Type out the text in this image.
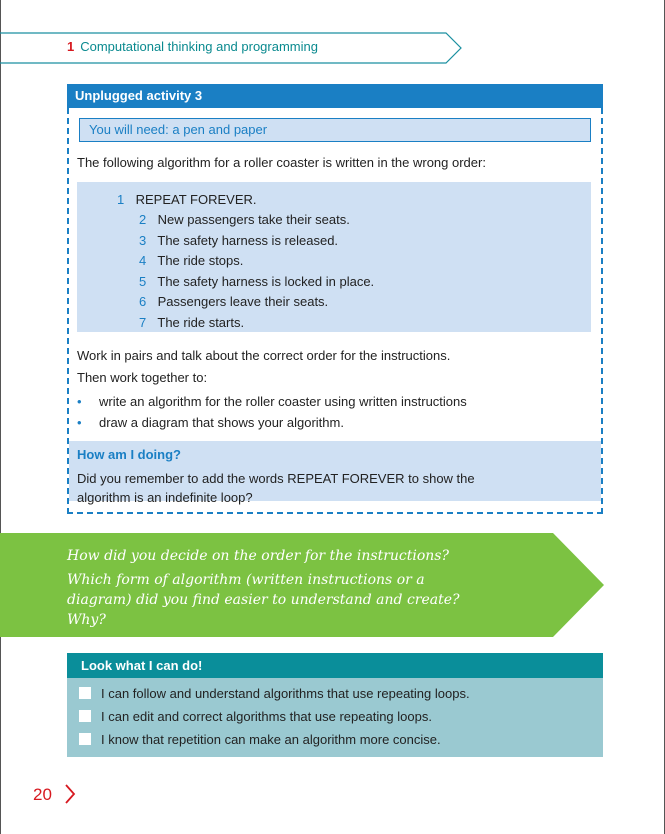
1 Computational thinking and programming
Unplugged activity 3
You will need: a pen and paper
The following algorithm for a roller coaster is written in the wrong order:
1 REPEAT FOREVER.
2 New passengers take their seats.
3 The safety harness is released.
4 The ride stops.
5 The safety harness is locked in place.
6 Passengers leave their seats.
7 The ride starts.
Work in pairs and talk about the correct order for the instructions.
Then work together to:
• write an algorithm for the roller coaster using written instructions
• draw a diagram that shows your algorithm.
How am I doing?
Did you remember to add the words REPEAT FOREVER to show the algorithm is an indefinite loop?
How did you decide on the order for the instructions?
Which form of algorithm (written instructions or a diagram) did you find easier to understand and create? Why?
Look what I can do!
I can follow and understand algorithms that use repeating loops.
I can edit and correct algorithms that use repeating loops.
I know that repetition can make an algorithm more concise.
20
